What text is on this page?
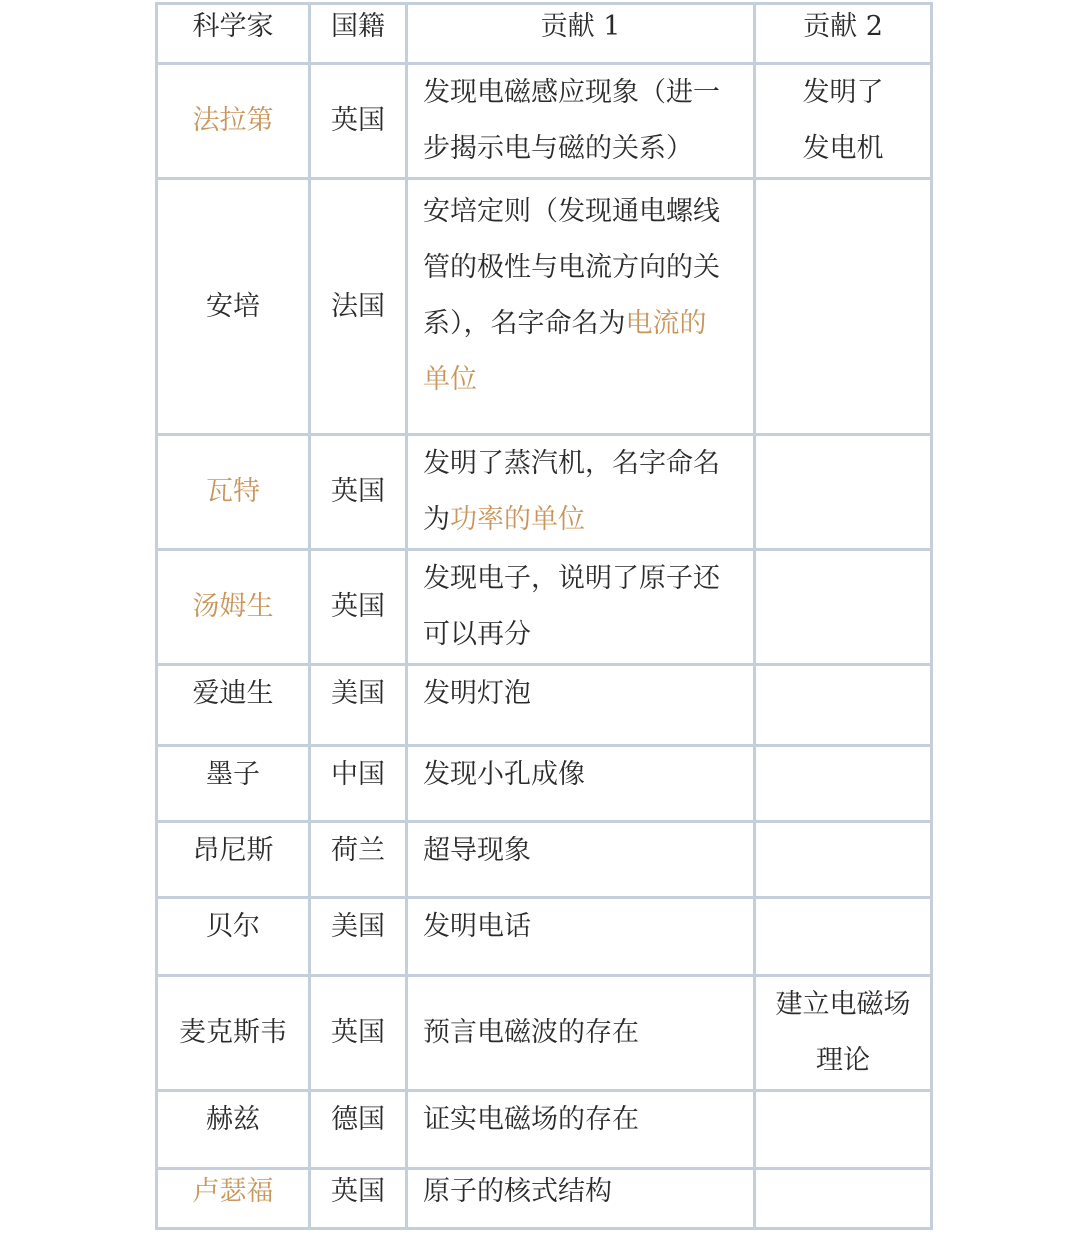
科学家	国籍	贡献 1	贡献 2
法拉第	英国	发现电磁感应现象（进一
步揭示电与磁的关系）	发明了
发电机
安培	法国	安培定则（发现通电螺线
管的极性与电流方向的关
系），名字命名为电流的
单位	
瓦特	英国	发明了蒸汽机，名字命名
为功率的单位	
汤姆生	英国	发现电子，说明了原子还
可以再分	
爱迪生	美国	发明灯泡	
墨子	中国	发现小孔成像	
昂尼斯	荷兰	超导现象	
贝尔	美国	发明电话	
麦克斯韦	英国	预言电磁波的存在	建立电磁场
理论
赫兹	德国	证实电磁场的存在	
卢瑟福	英国	原子的核式结构	
